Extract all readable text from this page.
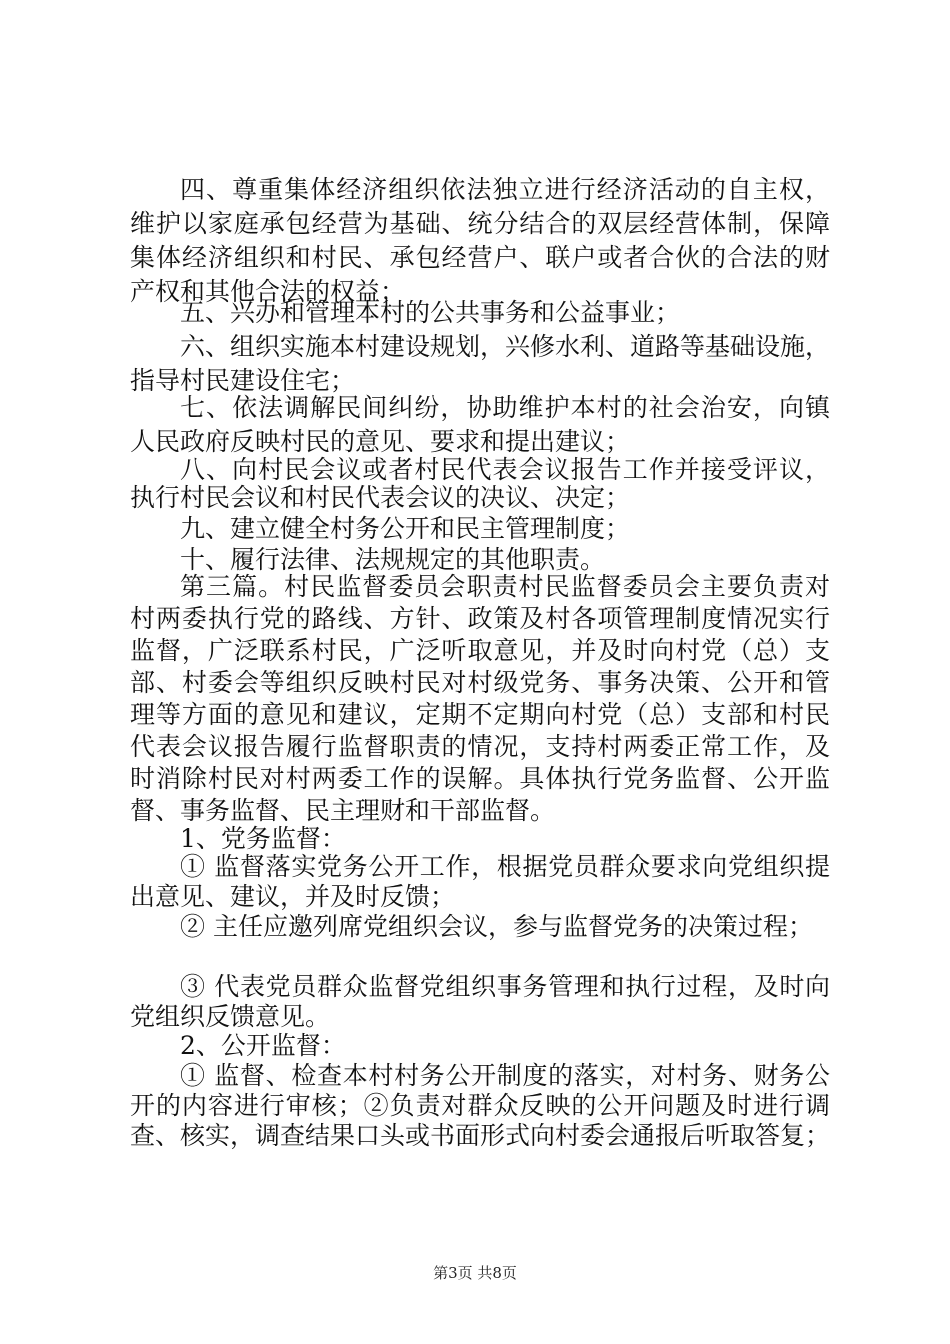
四、尊重集体经济组织依法独立进行经济活动的自主权，
维护以家庭承包经营为基础、统分结合的双层经营体制，保障
集体经济组织和村民、承包经营户、联户或者合伙的合法的财
产权和其他合法的权益；
五、兴办和管理本村的公共事务和公益事业；
六、组织实施本村建设规划，兴修水利、道路等基础设施，
指导村民建设住宅；
七、依法调解民间纠纷，协助维护本村的社会治安，向镇
人民政府反映村民的意见、要求和提出建议；
八、向村民会议或者村民代表会议报告工作并接受评议，
执行村民会议和村民代表会议的决议、决定；
九、建立健全村务公开和民主管理制度；
十、履行法律、法规规定的其他职责。
第三篇。村民监督委员会职责村民监督委员会主要负责对
村两委执行党的路线、方针、政策及村各项管理制度情况实行
监督，广泛联系村民，广泛听取意见，并及时向村党（总）支
部、村委会等组织反映村民对村级党务、事务决策、公开和管
理等方面的意见和建议，定期不定期向村党（总）支部和村民
代表会议报告履行监督职责的情况，支持村两委正常工作，及
时消除村民对村两委工作的误解。具体执行党务监督、公开监
督、事务监督、民主理财和干部监督。
1、党务监督：
① 监督落实党务公开工作，根据党员群众要求向党组织提
出意见、建议，并及时反馈；
② 主任应邀列席党组织会议，参与监督党务的决策过程；
③ 代表党员群众监督党组织事务管理和执行过程，及时向
党组织反馈意见。
2、公开监督：
① 监督、检查本村村务公开制度的落实，对村务、财务公
开的内容进行审核；②负责对群众反映的公开问题及时进行调
查、核实，调查结果口头或书面形式向村委会通报后听取答复；
第3页 共8页
